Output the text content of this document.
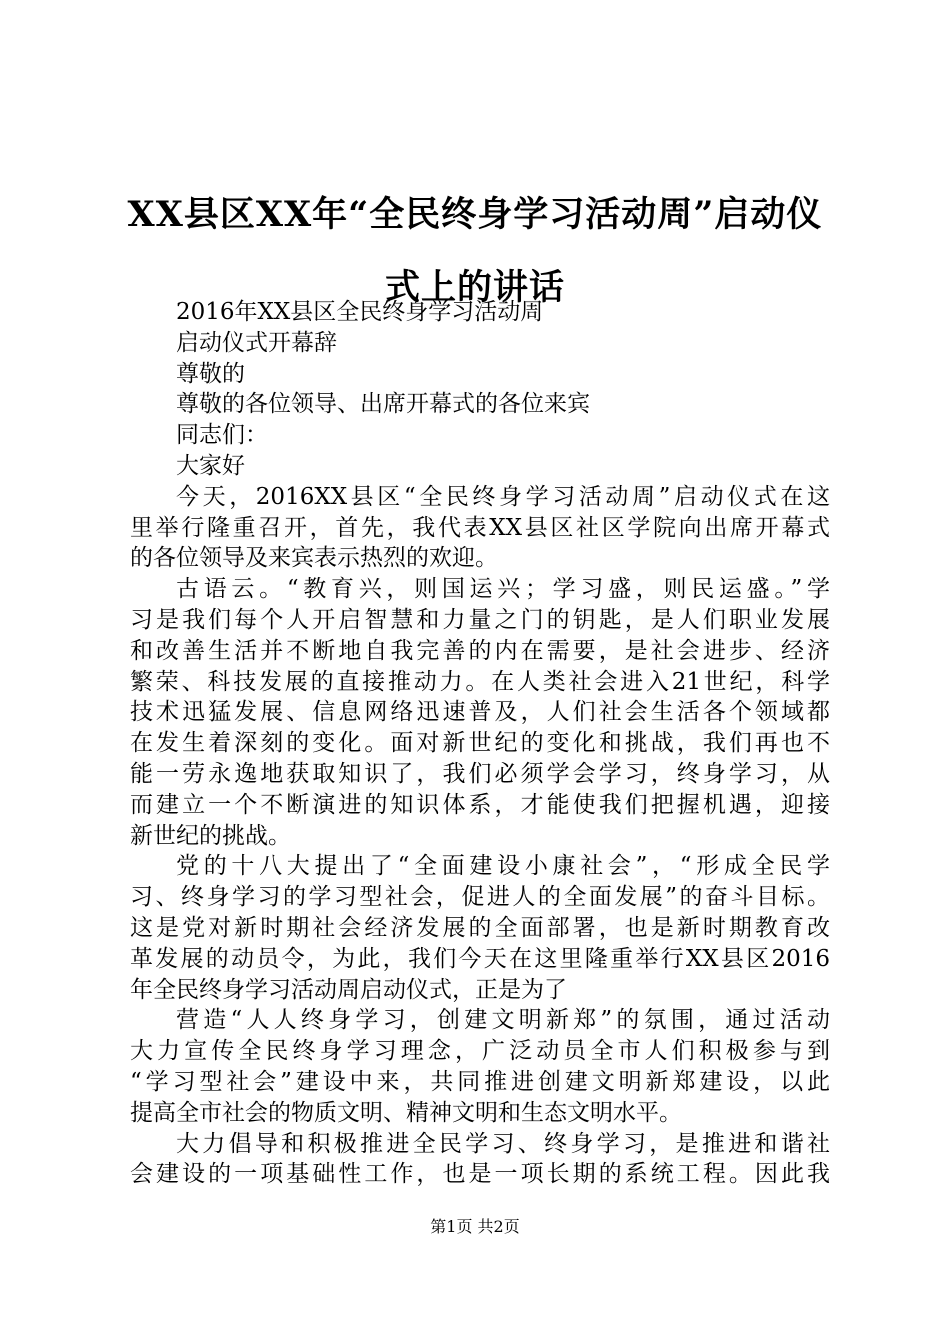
XX县区XX年“全民终身学习活动周”启动仪
式上的讲话

2016年XX县区全民终身学习活动周

启动仪式开幕辞

尊敬的

尊敬的各位领导、出席开幕式的各位来宾

同志们：

大家好

今天，2016XX县区“全民终身学习活动周”启动仪式在这
里举行隆重召开，首先，我代表XX县区社区学院向出席开幕式
的各位领导及来宾表示热烈的欢迎。
古语云。“教育兴，则国运兴；学习盛，则民运盛。”学
习是我们每个人开启智慧和力量之门的钥匙，是人们职业发展
和改善生活并不断地自我完善的内在需要，是社会进步、经济
繁荣、科技发展的直接推动力。在人类社会进入21世纪，科学
技术迅猛发展、信息网络迅速普及，人们社会生活各个领域都
在发生着深刻的变化。面对新世纪的变化和挑战，我们再也不
能一劳永逸地获取知识了，我们必须学会学习，终身学习，从
而建立一个不断演进的知识体系，才能使我们把握机遇，迎接
新世纪的挑战。
党的十八大提出了“全面建设小康社会”，“形成全民学
习、终身学习的学习型社会，促进人的全面发展”的奋斗目标。
这是党对新时期社会经济发展的全面部署，也是新时期教育改
革发展的动员令，为此，我们今天在这里隆重举行XX县区2016
年全民终身学习活动周启动仪式，正是为了
营造“人人终身学习，创建文明新郑”的氛围，通过活动
大力宣传全民终身学习理念，广泛动员全市人们积极参与到
“学习型社会”建设中来，共同推进创建文明新郑建设，以此
提高全市社会的物质文明、精神文明和生态文明水平。
大力倡导和积极推进全民学习、终身学习，是推进和谐社
会建设的一项基础性工作，也是一项长期的系统工程。因此我
第1页 共2页
